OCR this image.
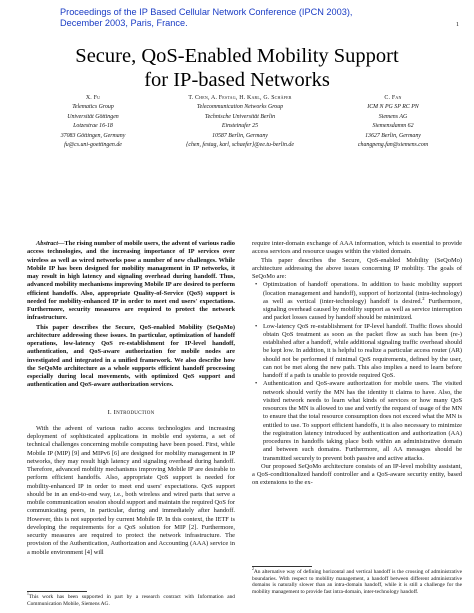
Proceedings of the IP Based Cellular Network Conference (IPCN 2003),
December 2003, Paris, France.	1
Secure, QoS-Enabled Mobility Support
for IP-based Networks
X. Fu
Telematics Group
Universität Göttingen
Lotzestrae 16-18
37083 Göttingen, Germany
fu@cs.uni-goettingen.de
T. Chen, A. Festag, H. Karl, G. Schäfer
Telecommunication Networks Group
Technische Universität Berlin
Einsteinufer 25
10587 Berlin, Germany
{chen, festag, karl, schaefer}@ee.tu-berlin.de
C. Fan
ICM N PG SP RC PN
Siemens AG
Siemensdamm 62
13627 Berlin, Germany
changpeng.fan@siemens.com

Abstract—The rising number of mobile users, the advent of various radio access technologies, and the increasing importance of IP services over wireless as well as wired networks pose a number of new challenges. While Mobile IP has been designed for mobility management in IP networks, it may result in high latency and signaling overhead during handoff. Thus, advanced mobility mechanisms improving Mobile IP are desired to perform efficient handoffs. Also, appropriate Quality-of-Service (QoS) support is needed for mobility-enhanced IP in order to meet end users' expectations. Furthermore, security measures are required to protect the network infrastructure.

This paper describes the Secure, QoS-enabled Mobility (SeQoMo) architecture addressing these issues. In particular, optimization of handoff operations, low-latency QoS re-establishment for IP-level handoff, authentication, and QoS-aware authorization for mobile nodes are investigated and integrated in a unified framework. We also describe how the SeQoMo architecture as a whole supports efficient handoff processing especially during local movements, with optimized QoS support and authentication and QoS-aware authorization services.

I. Introduction

With the advent of various radio access technologies and increasing deployment of sophisticated applications in mobile end systems, a set of technical challenges concerning mobile computing have been posed. First, while Mobile IP (MIP) [9] and MIPv6 [6] are designed for mobility management in IP networks, they may result high latency and signaling overhead during handoff. Therefore, advanced mobility mechanisms improving Mobile IP are desirable to perform efficient handoffs. Also, appropriate QoS support is needed for mobility-enhanced IP in order to meet end users' expectations. QoS support should be in an end-to-end way, i.e., both wireless and wired parts that serve a mobile communication session should support and maintain the required QoS for communicating peers, in particular, during and immediately after handoff. However, this is not supported by current Mobile IP. In this context, the IETF is developing the requirements for a QoS solution for MIP [2]. Furthermore, security measures are required to protect the network infrastructure. The provision of the Authentication, Authorization and Accounting (AAA) service in a mobile environment [4] will

require inter-domain exchange of AAA information, which is essential to provide access services and resource usages within the visited domain.

This paper describes the Secure, QoS-enabled Mobility (SeQoMo) architecture addressing the above issues concerning IP mobility. The goals of SeQoMo are:

• Optimization of handoff operations. In addition to basic mobility support (location management and handoff), support of horizontal (intra-technology) as well as vertical (inter-technology) handoff is desired.$^2$ Furthermore, signaling overhead caused by mobility support as well as service interruption and packet losses caused by handoff should be minimized.
• Low-latency QoS re-establishment for IP-level handoff. Traffic flows should obtain QoS treatment as soon as the packet flow as such has been (re-) established after a handoff, while additional signaling traffic overhead should be kept low. In addition, it is helpful to realize a particular access router (AR) should not be performed if minimal QoS requirements, defined by the user, can not be met along the new path. This also implies a need to learn before handoff if a path is unable to provide required QoS.
• Authentication and QoS-aware authorization for mobile users. The visited network should verify the MN has the identity it claims to have. Also, the visited network needs to learn what kinds of services or how many QoS resources the MN is allowed to use and verify the request of usage of the MN to ensure that the total resource consumption does not exceed what the MN is entitled to use. To support efficient handoffs, it is also necessary to minimize the registration latency introduced by authentication and authorization (AA) procedures in handoffs taking place both within an administrative domain and between such domains. Furthermore, all AA messages should be transmitted securely to prevent both passive and active attacks.

Our proposed SeQoMo architecture consists of an IP-level mobility assistant, a QoS-conditionalized handoff controller and a QoS-aware security entity, based on extensions to the ex-

$^1$This work has been supported in part by a research contract with Information and Communication Mobile, Siemens AG.
$^2$An alternative way of defining horizontal and vertical handoff is the crossing of administrative boundaries. With respect to mobility management, a handoff between different administrative domains is naturally slower than an intra-domain handoff, while it is still a challenge for the mobility management to provide fast intra-domain, inter-technology handoff.
